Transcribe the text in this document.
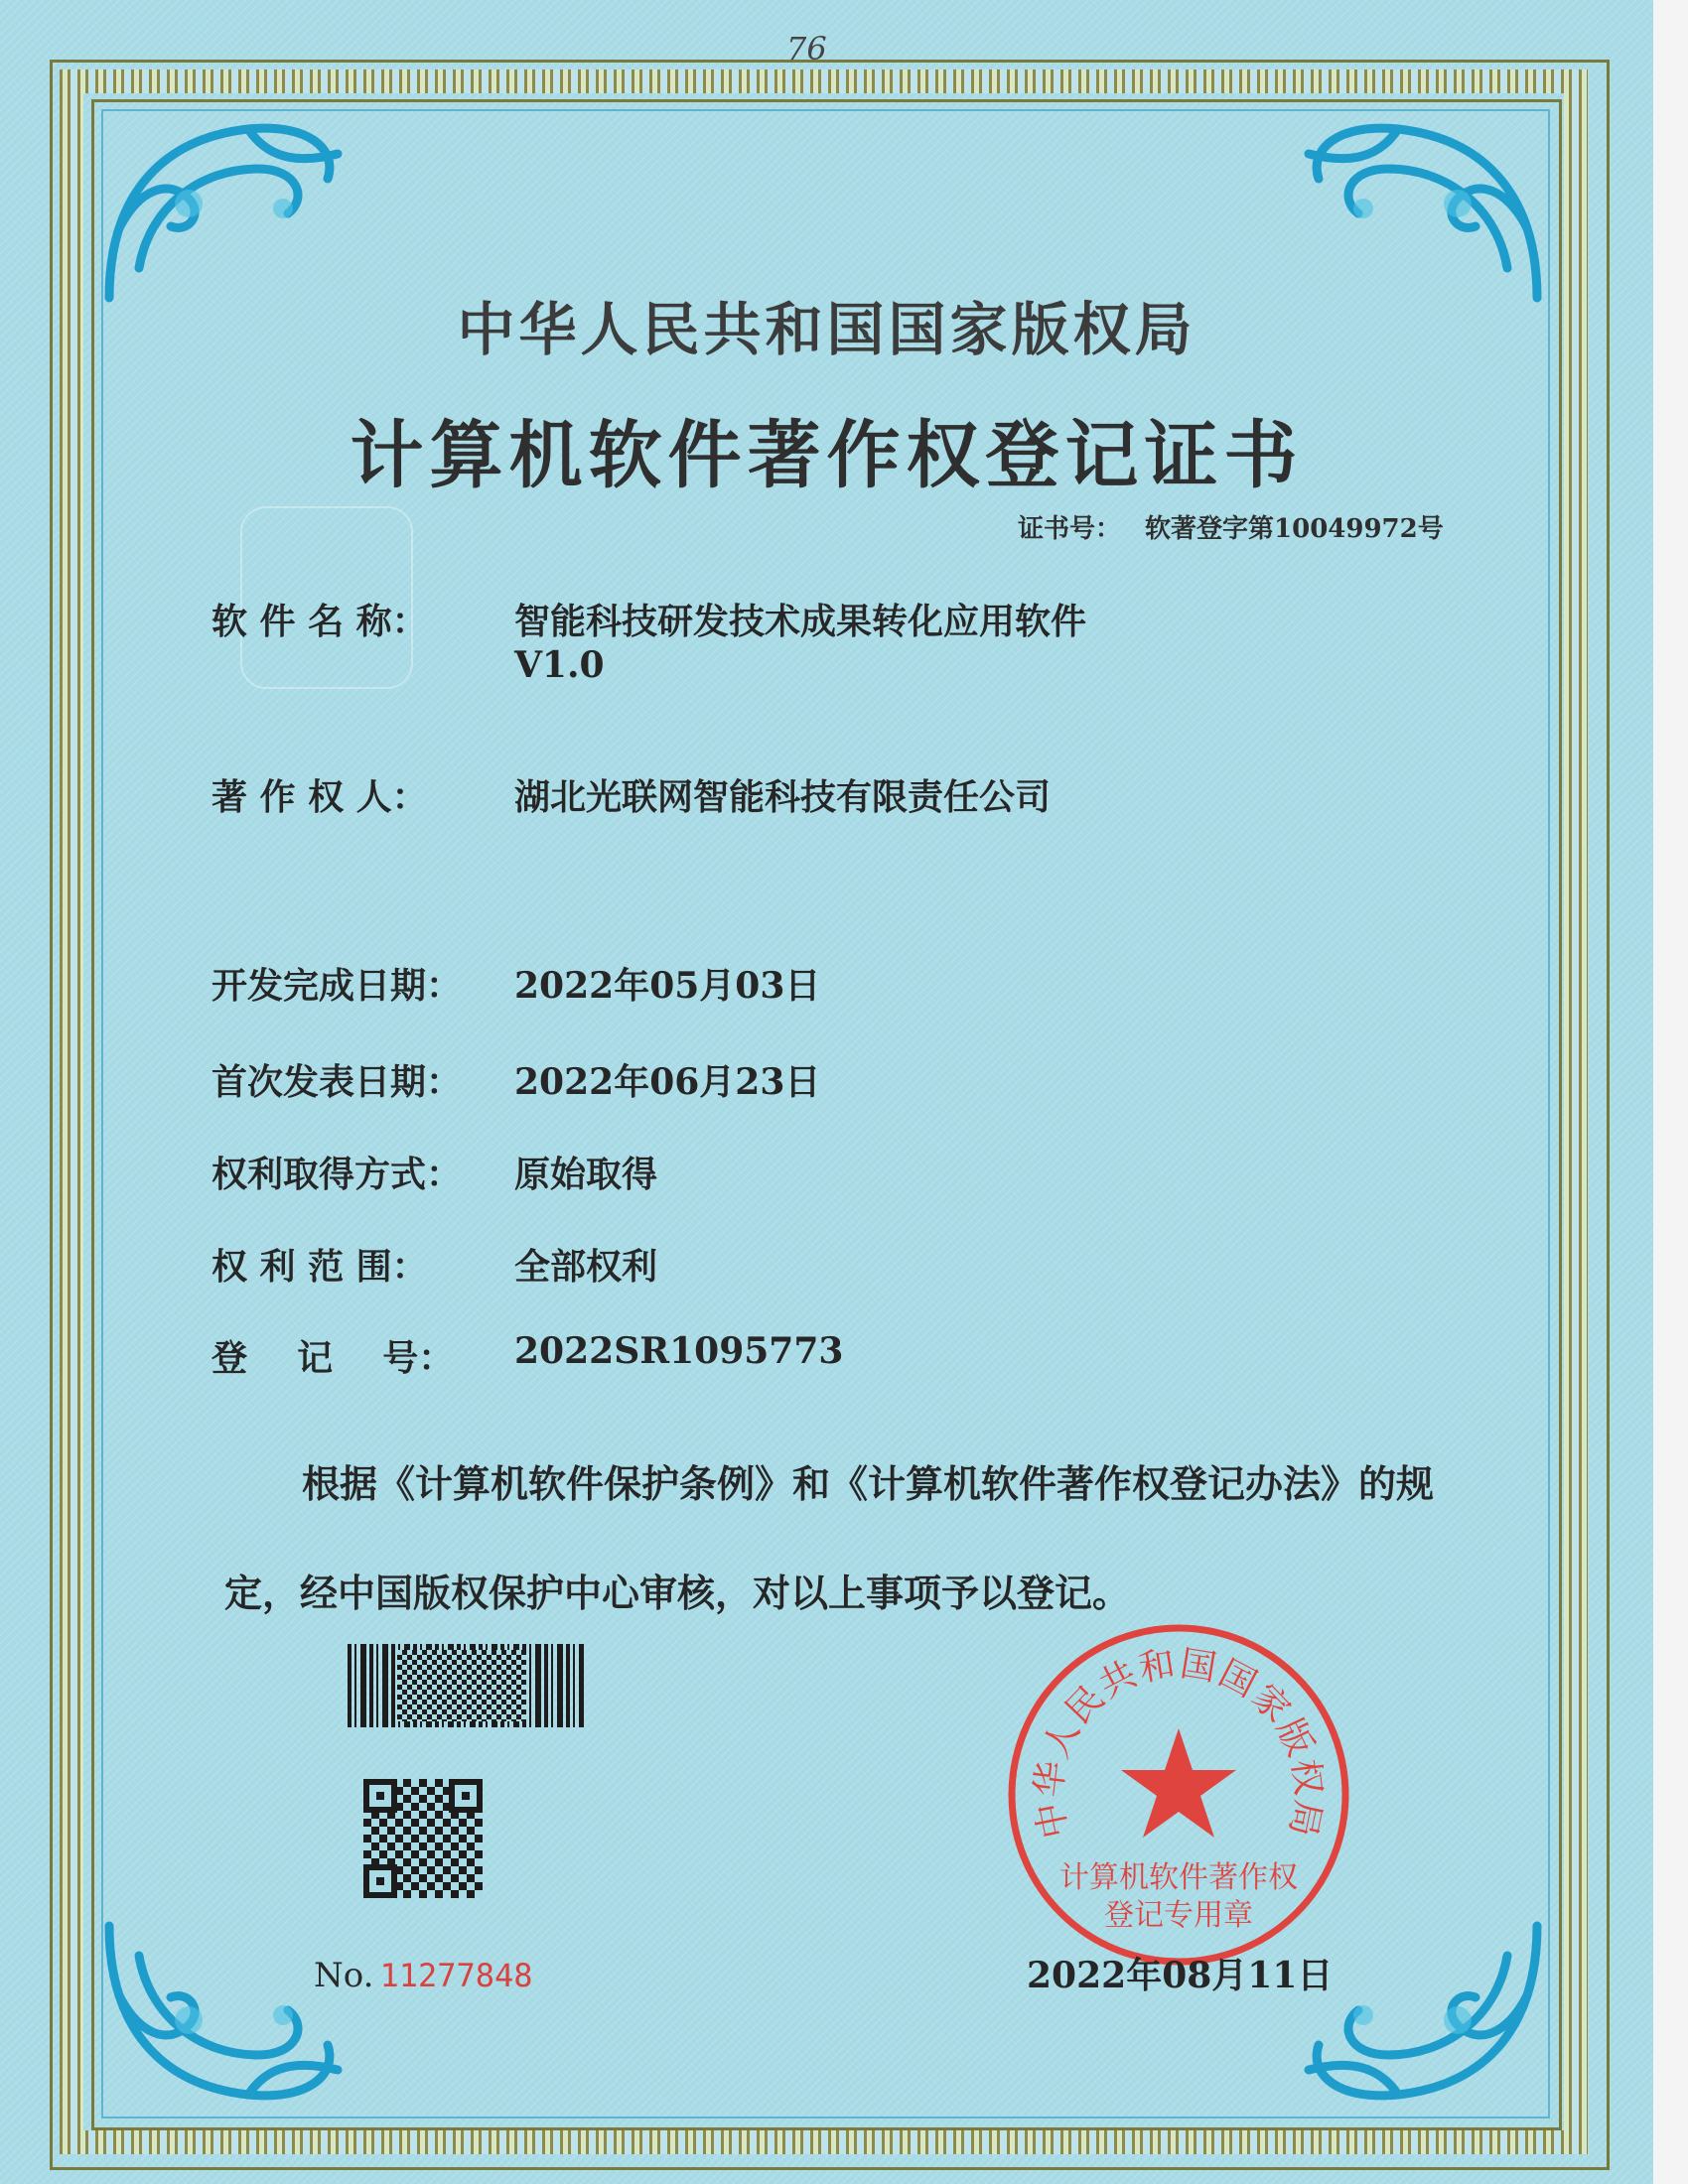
76
中华人民共和国国家版权局
计算机软件著作权登记证书
证书号： 软著登字第10049972号
软 件 名 称： 智能科技研发技术成果转化应用软件
V1.0
著 作 权 人： 湖北光联网智能科技有限责任公司
开发完成日期： 2022年05月03日
首次发表日期： 2022年06月23日
权利取得方式： 原始取得
权 利 范 围： 全部权利
登    记    号： 2022SR1095773
根据《计算机软件保护条例》和《计算机软件著作权登记办法》的规定，经中国版权保护中心审核，对以上事项予以登记。
No. 11277848
中华人民共和国国家版权局
计算机软件著作权
登记专用章
2022年08月11日
